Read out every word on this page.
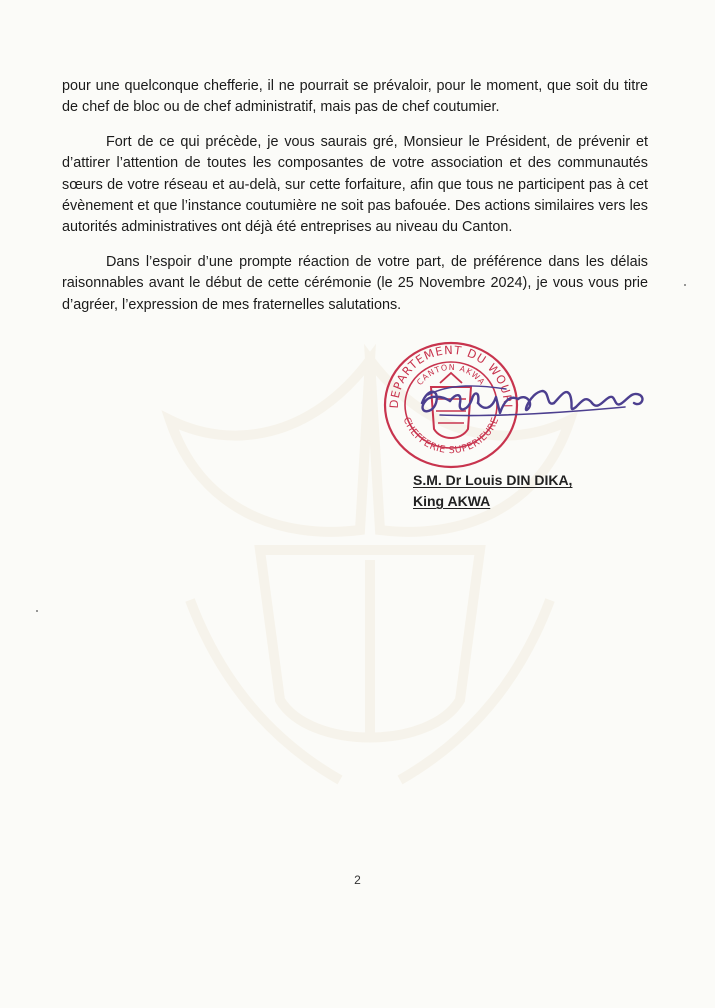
pour une quelconque chefferie, il ne pourrait se prévaloir, pour le moment, que soit du titre de chef de bloc ou de chef administratif, mais pas de chef coutumier.

Fort de ce qui précède, je vous saurais gré, Monsieur le Président, de prévenir et d’attirer l’attention de toutes les composantes de votre association et des communautés sœurs de votre réseau et au-delà, sur cette forfaiture, afin que tous ne participent pas à cet évènement et que l’instance coutumière ne soit pas bafouée. Des actions similaires vers les autorités administratives ont déjà été entreprises au niveau du Canton.

Dans l’espoir d’une prompte réaction de votre part, de préférence dans les délais raisonnables avant le début de cette cérémonie (le 25 Novembre 2024), je vous vous prie d’agréer, l’expression de mes fraternelles salutations.

DEPARTEMENT DU WOURI
CANTON AKWA
CHEFFERIE SUPERIEURE
S.M. Dr Louis DIN DIKA,
King AKWA
2
